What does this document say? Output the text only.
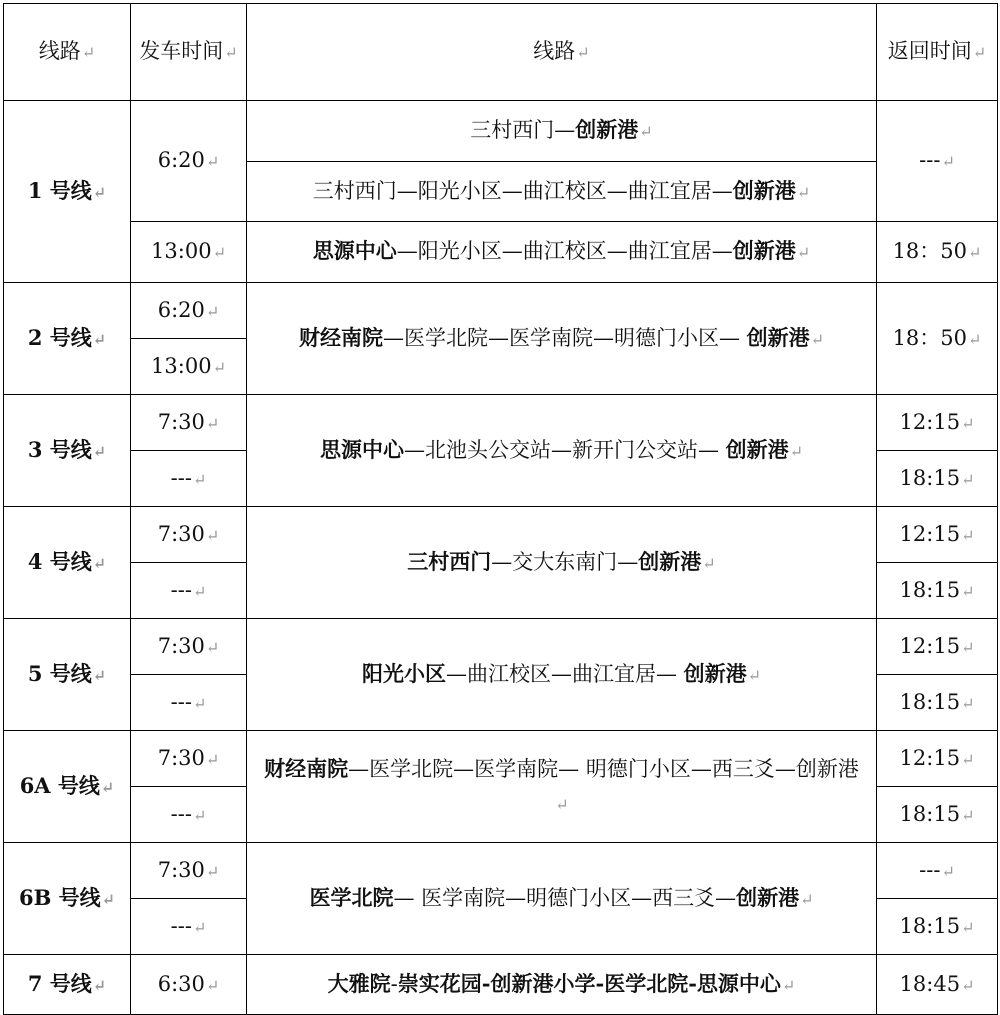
线路 ↵	发车时间 ↵	线路 ↵	返回时间 ↵
1 号线 ↵	6:20 ↵	三村西门—创新港 ↵	--- ↵
		三村西门—阳光小区—曲江校区—曲江宜居—创新港 ↵
	13:00 ↵	思源中心—阳光小区—曲江校区—曲江宜居—创新港 ↵	18：50 ↵
2 号线 ↵	6:20 ↵	财经南院—医学北院—医学南院—明德门小区— 创新港 ↵	18：50 ↵
	13:00 ↵
3 号线 ↵	7:30 ↵	思源中心—北池头公交站—新开门公交站— 创新港 ↵	12:15 ↵
	--- ↵		18:15 ↵
4 号线 ↵	7:30 ↵	三村西门—交大东南门—创新港 ↵	12:15 ↵
	--- ↵		18:15 ↵
5 号线 ↵	7:30 ↵	阳光小区—曲江校区—曲江宜居— 创新港 ↵	12:15 ↵
	--- ↵		18:15 ↵
6A 号线 ↵	7:30 ↵	财经南院—医学北院—医学南院— 明德门小区—西三爻—创新港 ↵	12:15 ↵
	--- ↵		18:15 ↵
6B 号线 ↵	7:30 ↵	医学北院— 医学南院—明德门小区—西三爻—创新港 ↵	--- ↵
	--- ↵		18:15 ↵
7 号线 ↵	6:30 ↵	大雅院-崇实花园-创新港小学-医学北院-思源中心 ↵	18:45 ↵
